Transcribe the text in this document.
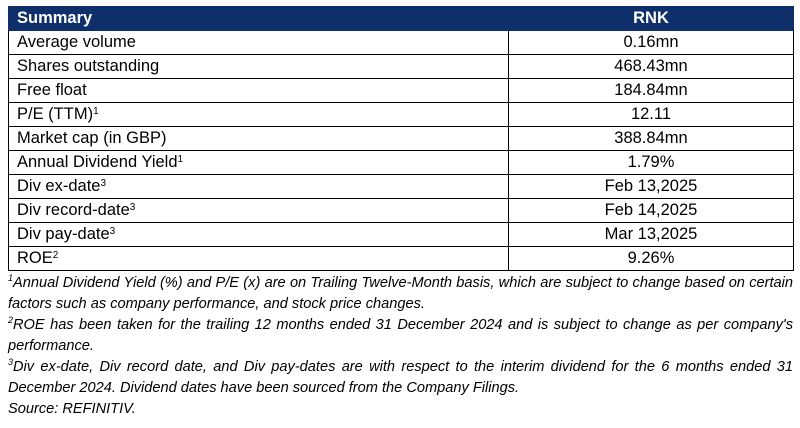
Summary	RNK
Average volume	0.16mn
Shares outstanding	468.43mn
Free float	184.84mn
P/E (TTM)$^1$	12.11
Market cap (in GBP)	388.84mn
Annual Dividend Yield$^1$	1.79%
Div ex-date$^3$	Feb 13,2025
Div record-date$^3$	Feb 14,2025
Div pay-date$^3$	Mar 13,2025
ROE$^2$	9.26%

$^1$Annual Dividend Yield (%) and P/E (x) are on Trailing Twelve-Month basis, which are subject to change based on certain factors such as company performance, and stock price changes.

$^2$ROE has been taken for the trailing 12 months ended 31 December 2024 and is subject to change as per company's performance.

$^3$Div ex-date, Div record date, and Div pay-dates are with respect to the interim dividend for the 6 months ended 31 December 2024. Dividend dates have been sourced from the Company Filings.

Source: REFINITIV.
